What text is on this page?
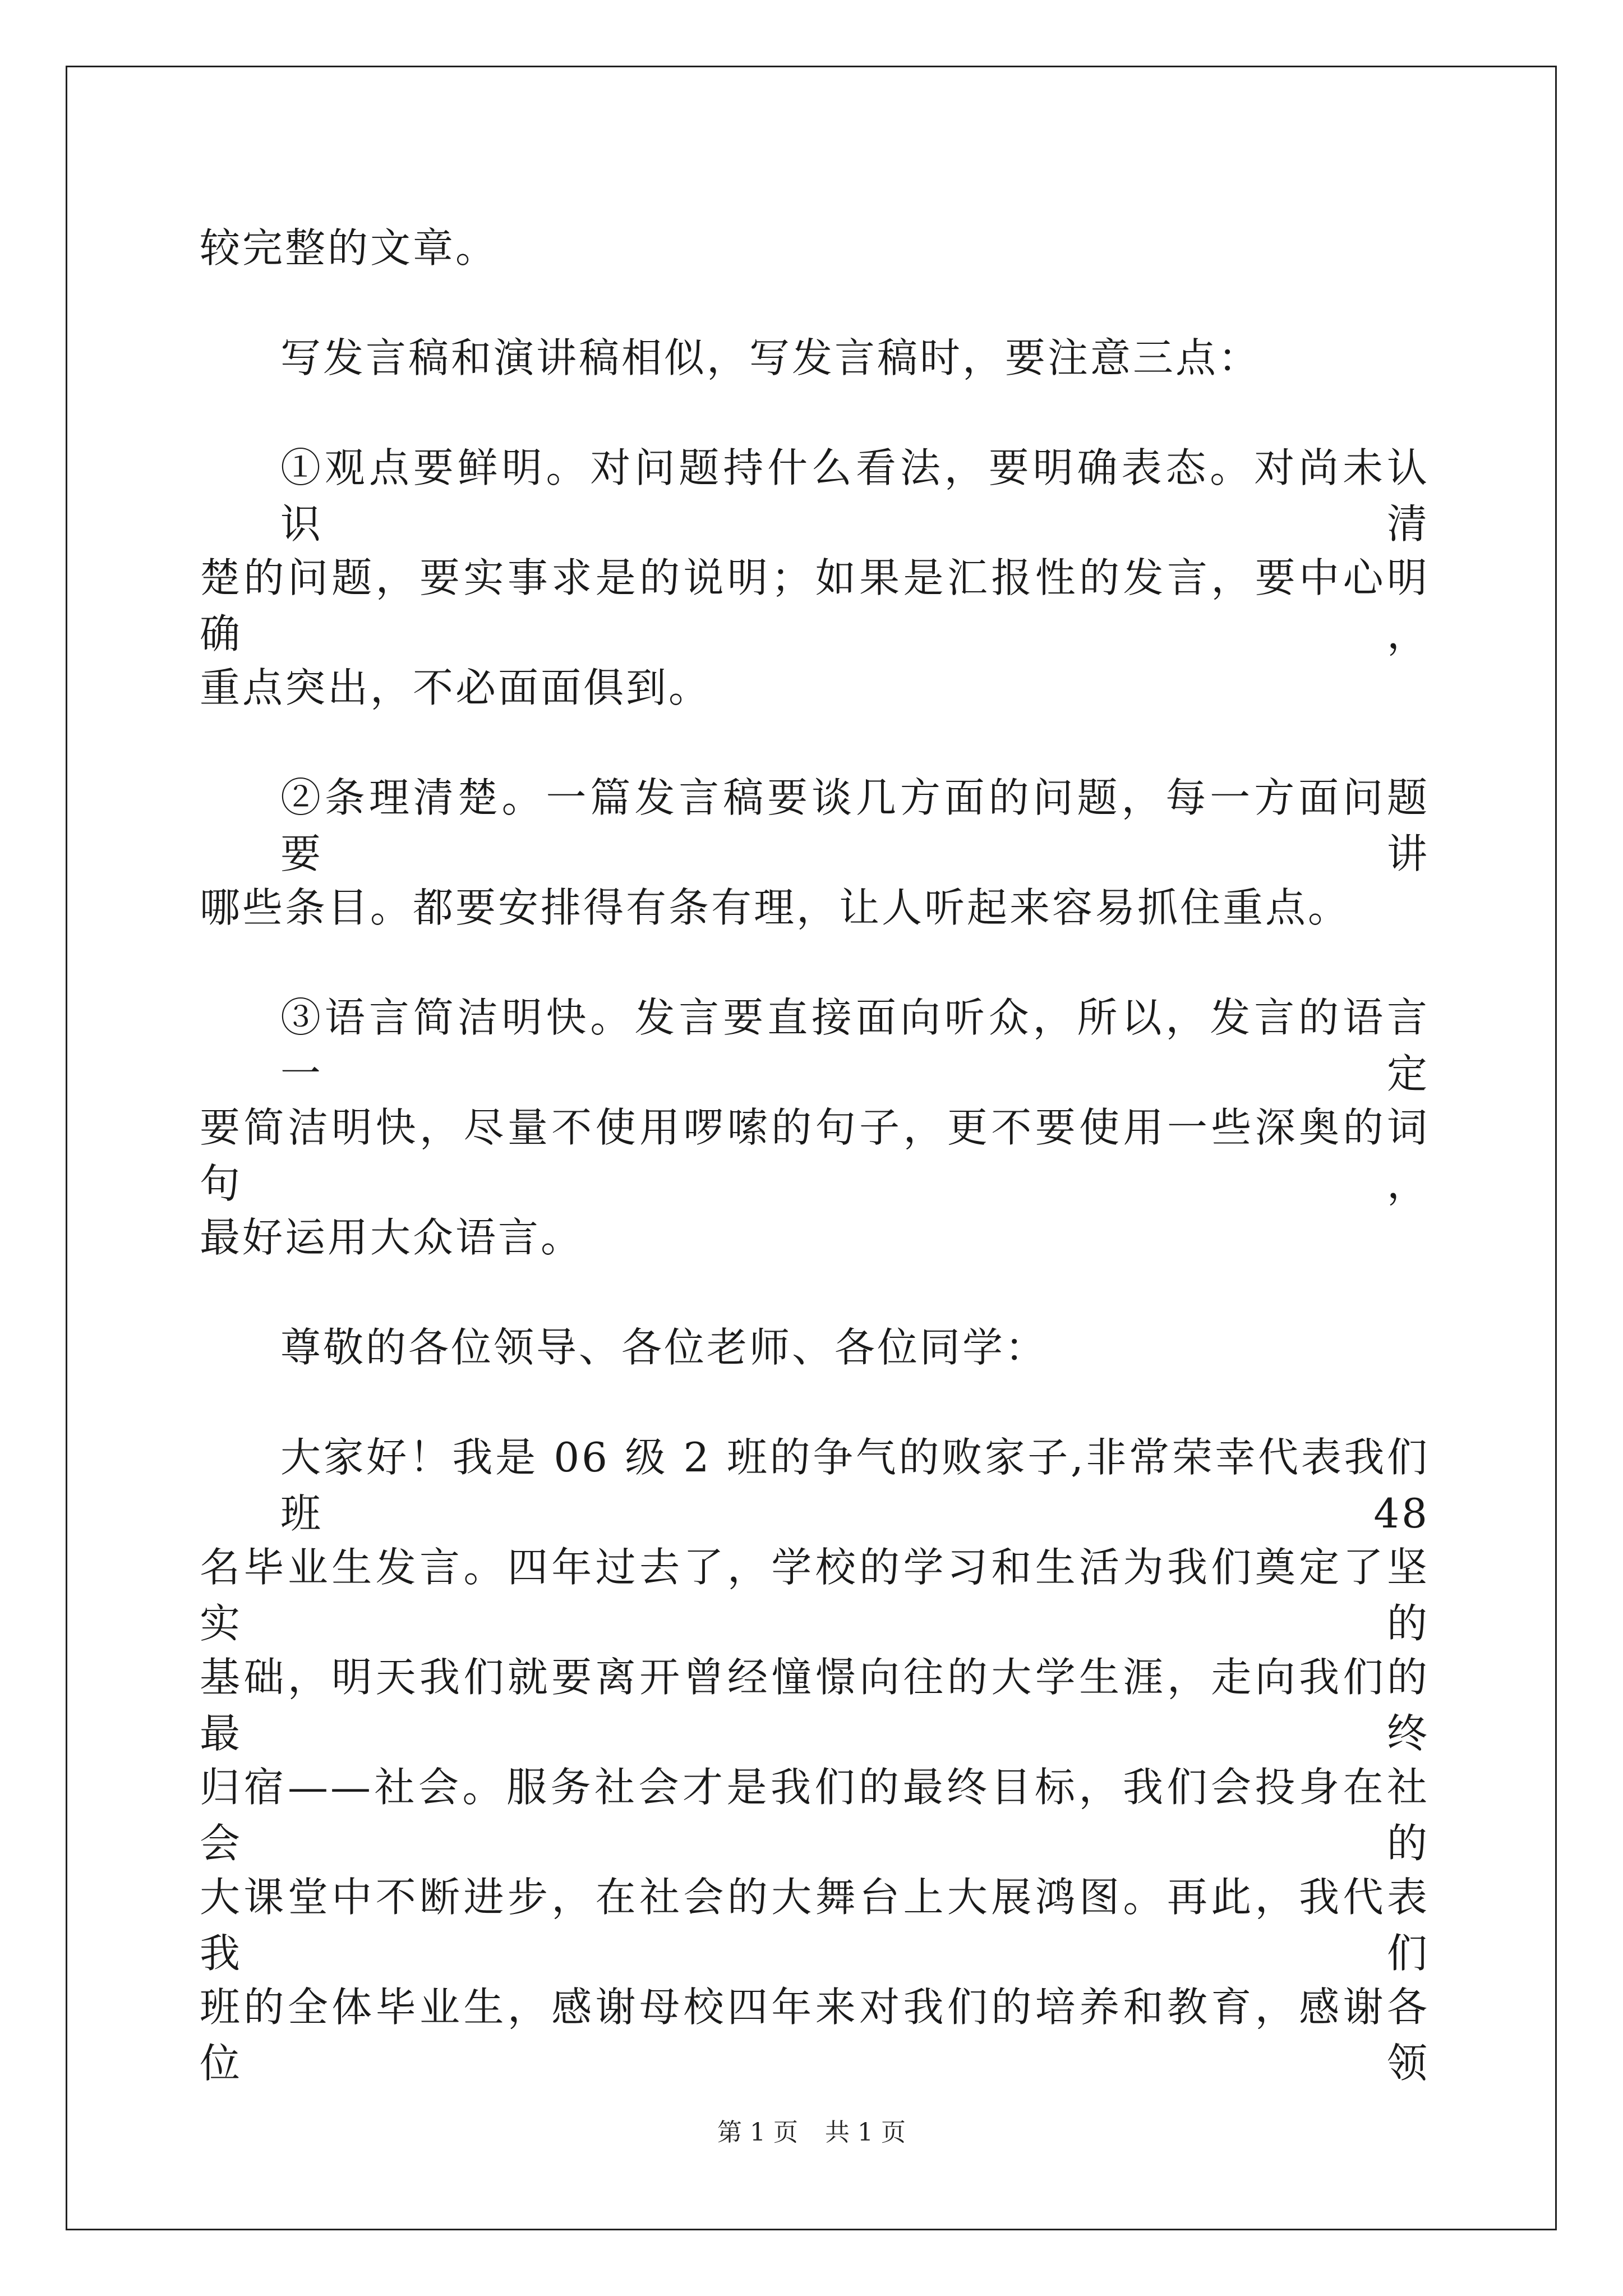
较完整的文章。
写发言稿和演讲稿相似，写发言稿时，要注意三点：
①观点要鲜明。对问题持什么看法，要明确表态。对尚未认识清
楚的问题，要实事求是的说明；如果是汇报性的发言，要中心明确，
重点突出，不必面面俱到。
②条理清楚。一篇发言稿要谈几方面的问题，每一方面问题要讲
哪些条目。都要安排得有条有理，让人听起来容易抓住重点。
③语言简洁明快。发言要直接面向听众，所以，发言的语言一定
要简洁明快，尽量不使用啰嗦的句子，更不要使用一些深奥的词句，
最好运用大众语言。
尊敬的各位领导、各位老师、各位同学：
大家好！我是 06 级 2 班的争气的败家子,非常荣幸代表我们班 48
名毕业生发言。四年过去了，学校的学习和生活为我们奠定了坚实的
基础，明天我们就要离开曾经憧憬向往的大学生涯，走向我们的最终
归宿——社会。服务社会才是我们的最终目标，我们会投身在社会的
大课堂中不断进步，在社会的大舞台上大展鸿图。再此，我代表我们
班的全体毕业生，感谢母校四年来对我们的培养和教育，感谢各位领
第 1 页 共 1 页
